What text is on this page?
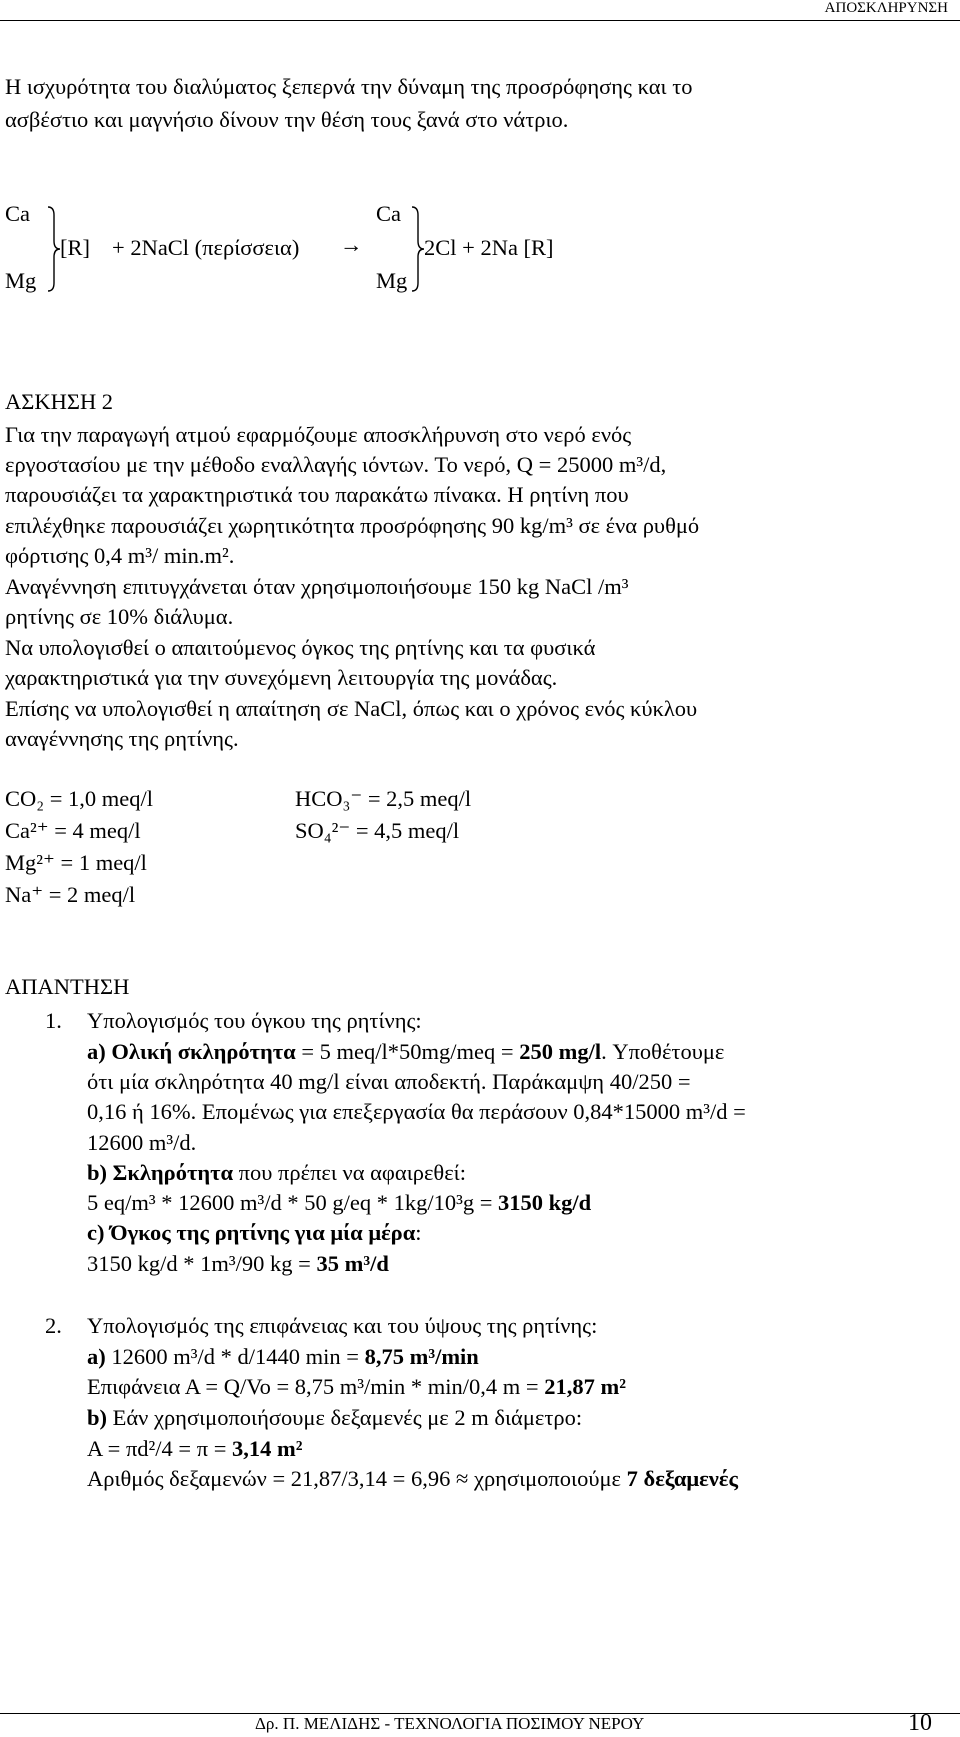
ΑΠΟΣΚΛΗΡΥΝΣΗ
Η ισχυρότητα του διαλύματος ξεπερνά την δύναμη της προσρόφησης και το
ασβέστιο και μαγνήσιο δίνουν την θέση τους ξανά στο νάτριο.
Ca
Mg
[R] + 2NaCl (περίσσεια) →
Ca
Mg
2Cl + 2Na [R]
ΑΣΚΗΣΗ 2
Για την παραγωγή ατμού εφαρμόζουμε αποσκλήρυνση στο νερό ενός
εργοστασίου με την μέθοδο εναλλαγής ιόντων. Το νερό, Q = 25000 m³/d,
παρουσιάζει τα χαρακτηριστικά του παρακάτω πίνακα. Η ρητίνη που
επιλέχθηκε παρουσιάζει χωρητικότητα προσρόφησης 90 kg/m³ σε ένα ρυθμό
φόρτισης 0,4 m³/ min.m².
Αναγέννηση επιτυγχάνεται όταν χρησιμοποιήσουμε 150 kg NaCl /m³
ρητίνης σε 10% διάλυμα.
Να υπολογισθεί ο απαιτούμενος όγκος της ρητίνης και τα φυσικά
χαρακτηριστικά για την συνεχόμενη λειτουργία της μονάδας.
Επίσης να υπολογισθεί η απαίτηση σε NaCl, όπως και ο χρόνος ενός κύκλου
αναγέννησης της ρητίνης.
CO₂ = 1,0 meq/l
Ca²⁺ = 4 meq/l
Mg²⁺ = 1 meq/l
Na⁺ = 2 meq/l
HCO₃⁻ = 2,5 meq/l
SO₄²⁻ = 4,5 meq/l
ΑΠΑΝΤΗΣΗ
1. Υπολογισμός του όγκου της ρητίνης:
a) Ολική σκληρότητα = 5 meq/l*50mg/meq = 250 mg/l. Υποθέτουμε
ότι μία σκληρότητα 40 mg/l είναι αποδεκτή. Παράκαμψη 40/250 =
0,16 ή 16%. Επομένως για επεξεργασία θα περάσουν 0,84*15000 m³/d =
12600 m³/d.
b) Σκληρότητα που πρέπει να αφαιρεθεί:
5 eq/m³ * 12600 m³/d * 50 g/eq * 1kg/10³g = 3150 kg/d
c) Όγκος της ρητίνης για μία μέρα:
3150 kg/d * 1m³/90 kg = 35 m³/d
2. Υπολογισμός της επιφάνειας και του ύψους της ρητίνης:
a) 12600 m³/d * d/1440 min = 8,75 m³/min
Επιφάνεια Α = Q/Vo = 8,75 m³/min * min/0,4 m = 21,87 m²
b) Εάν χρησιμοποιήσουμε δεξαμενές με 2 m διάμετρο:
A = πd²/4 = π = 3,14 m²
Αριθμός δεξαμενών = 21,87/3,14 = 6,96 ≈ χρησιμοποιούμε 7 δεξαμενές
Δρ. Π. ΜΕΛΙΔΗΣ - ΤΕΧΝΟΛΟΓΙΑ ΠΟΣΙΜΟΥ ΝΕΡΟΥ	10
